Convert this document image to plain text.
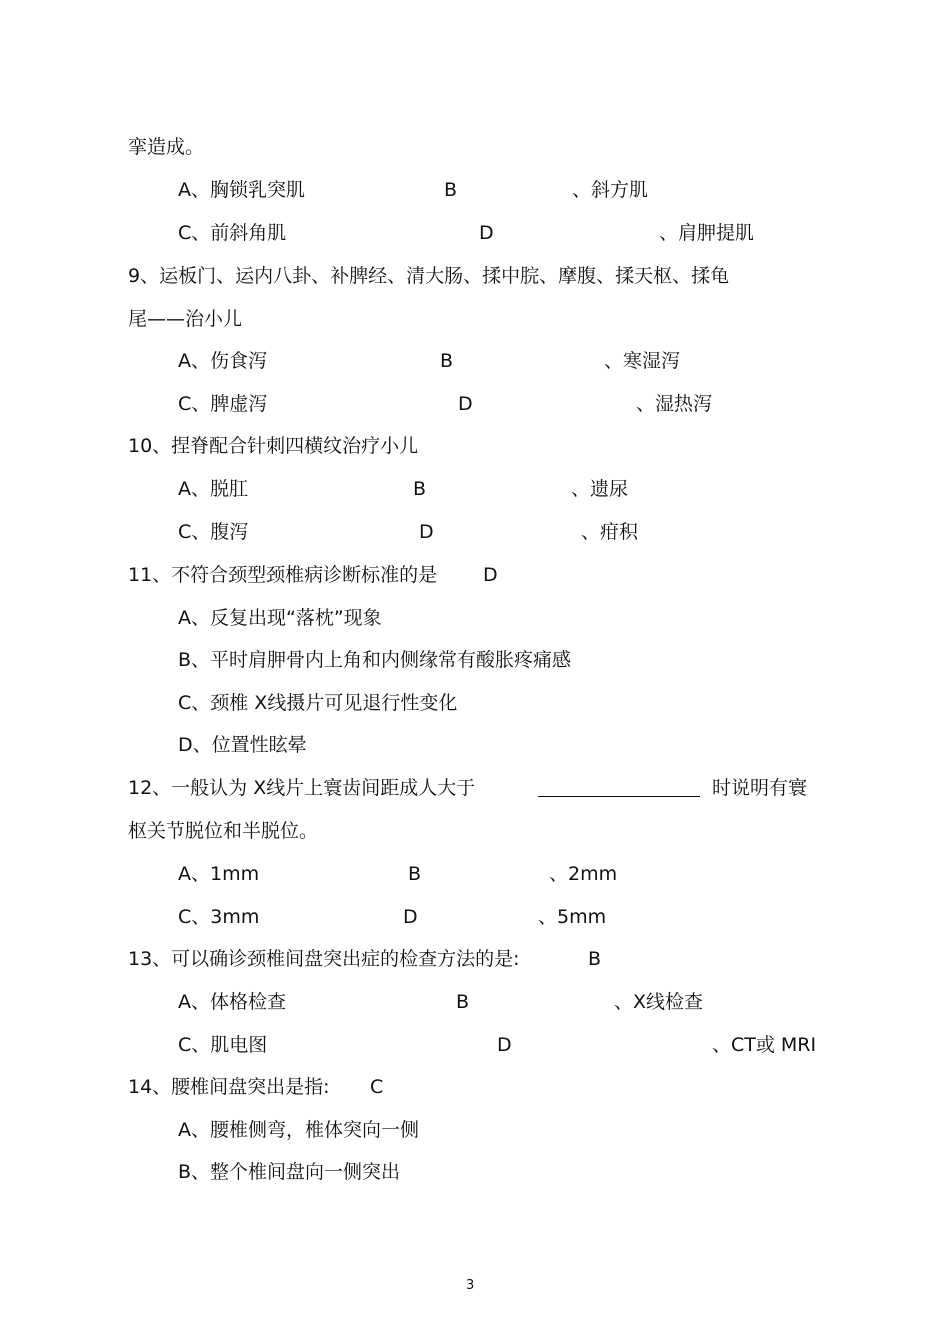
挛造成。
A、胸锁乳突肌	B	、斜方肌
C、前斜角肌	D	、肩胛提肌
9、运板门、运内八卦、补脾经、清大肠、揉中脘、摩腹、揉天枢、揉龟
尾——治小儿
A、伤食泻	B	、寒湿泻
C、脾虚泻	D	、湿热泻
10、捏脊配合针刺四横纹治疗小儿
A、脱肛	B	、遗尿
C、腹泻	D	、疳积
11、不符合颈型颈椎病诊断标准的是 D
A、反复出现“落枕”现象
B、平时肩胛骨内上角和内侧缘常有酸胀疼痛感
C、颈椎 X线摄片可见退行性变化
D、位置性眩晕
12、一般认为 X线片上寰齿间距成人大于	时说明有寰
枢关节脱位和半脱位。
A、1mm	B	、2mm
C、3mm	D	、5mm
13、可以确诊颈椎间盘突出症的检查方法的是:	B
A、体格检查	B	、X线检查
C、肌电图	D	、CT或 MRI
14、腰椎间盘突出是指: C
A、腰椎侧弯，椎体突向一侧
B、整个椎间盘向一侧突出
3
